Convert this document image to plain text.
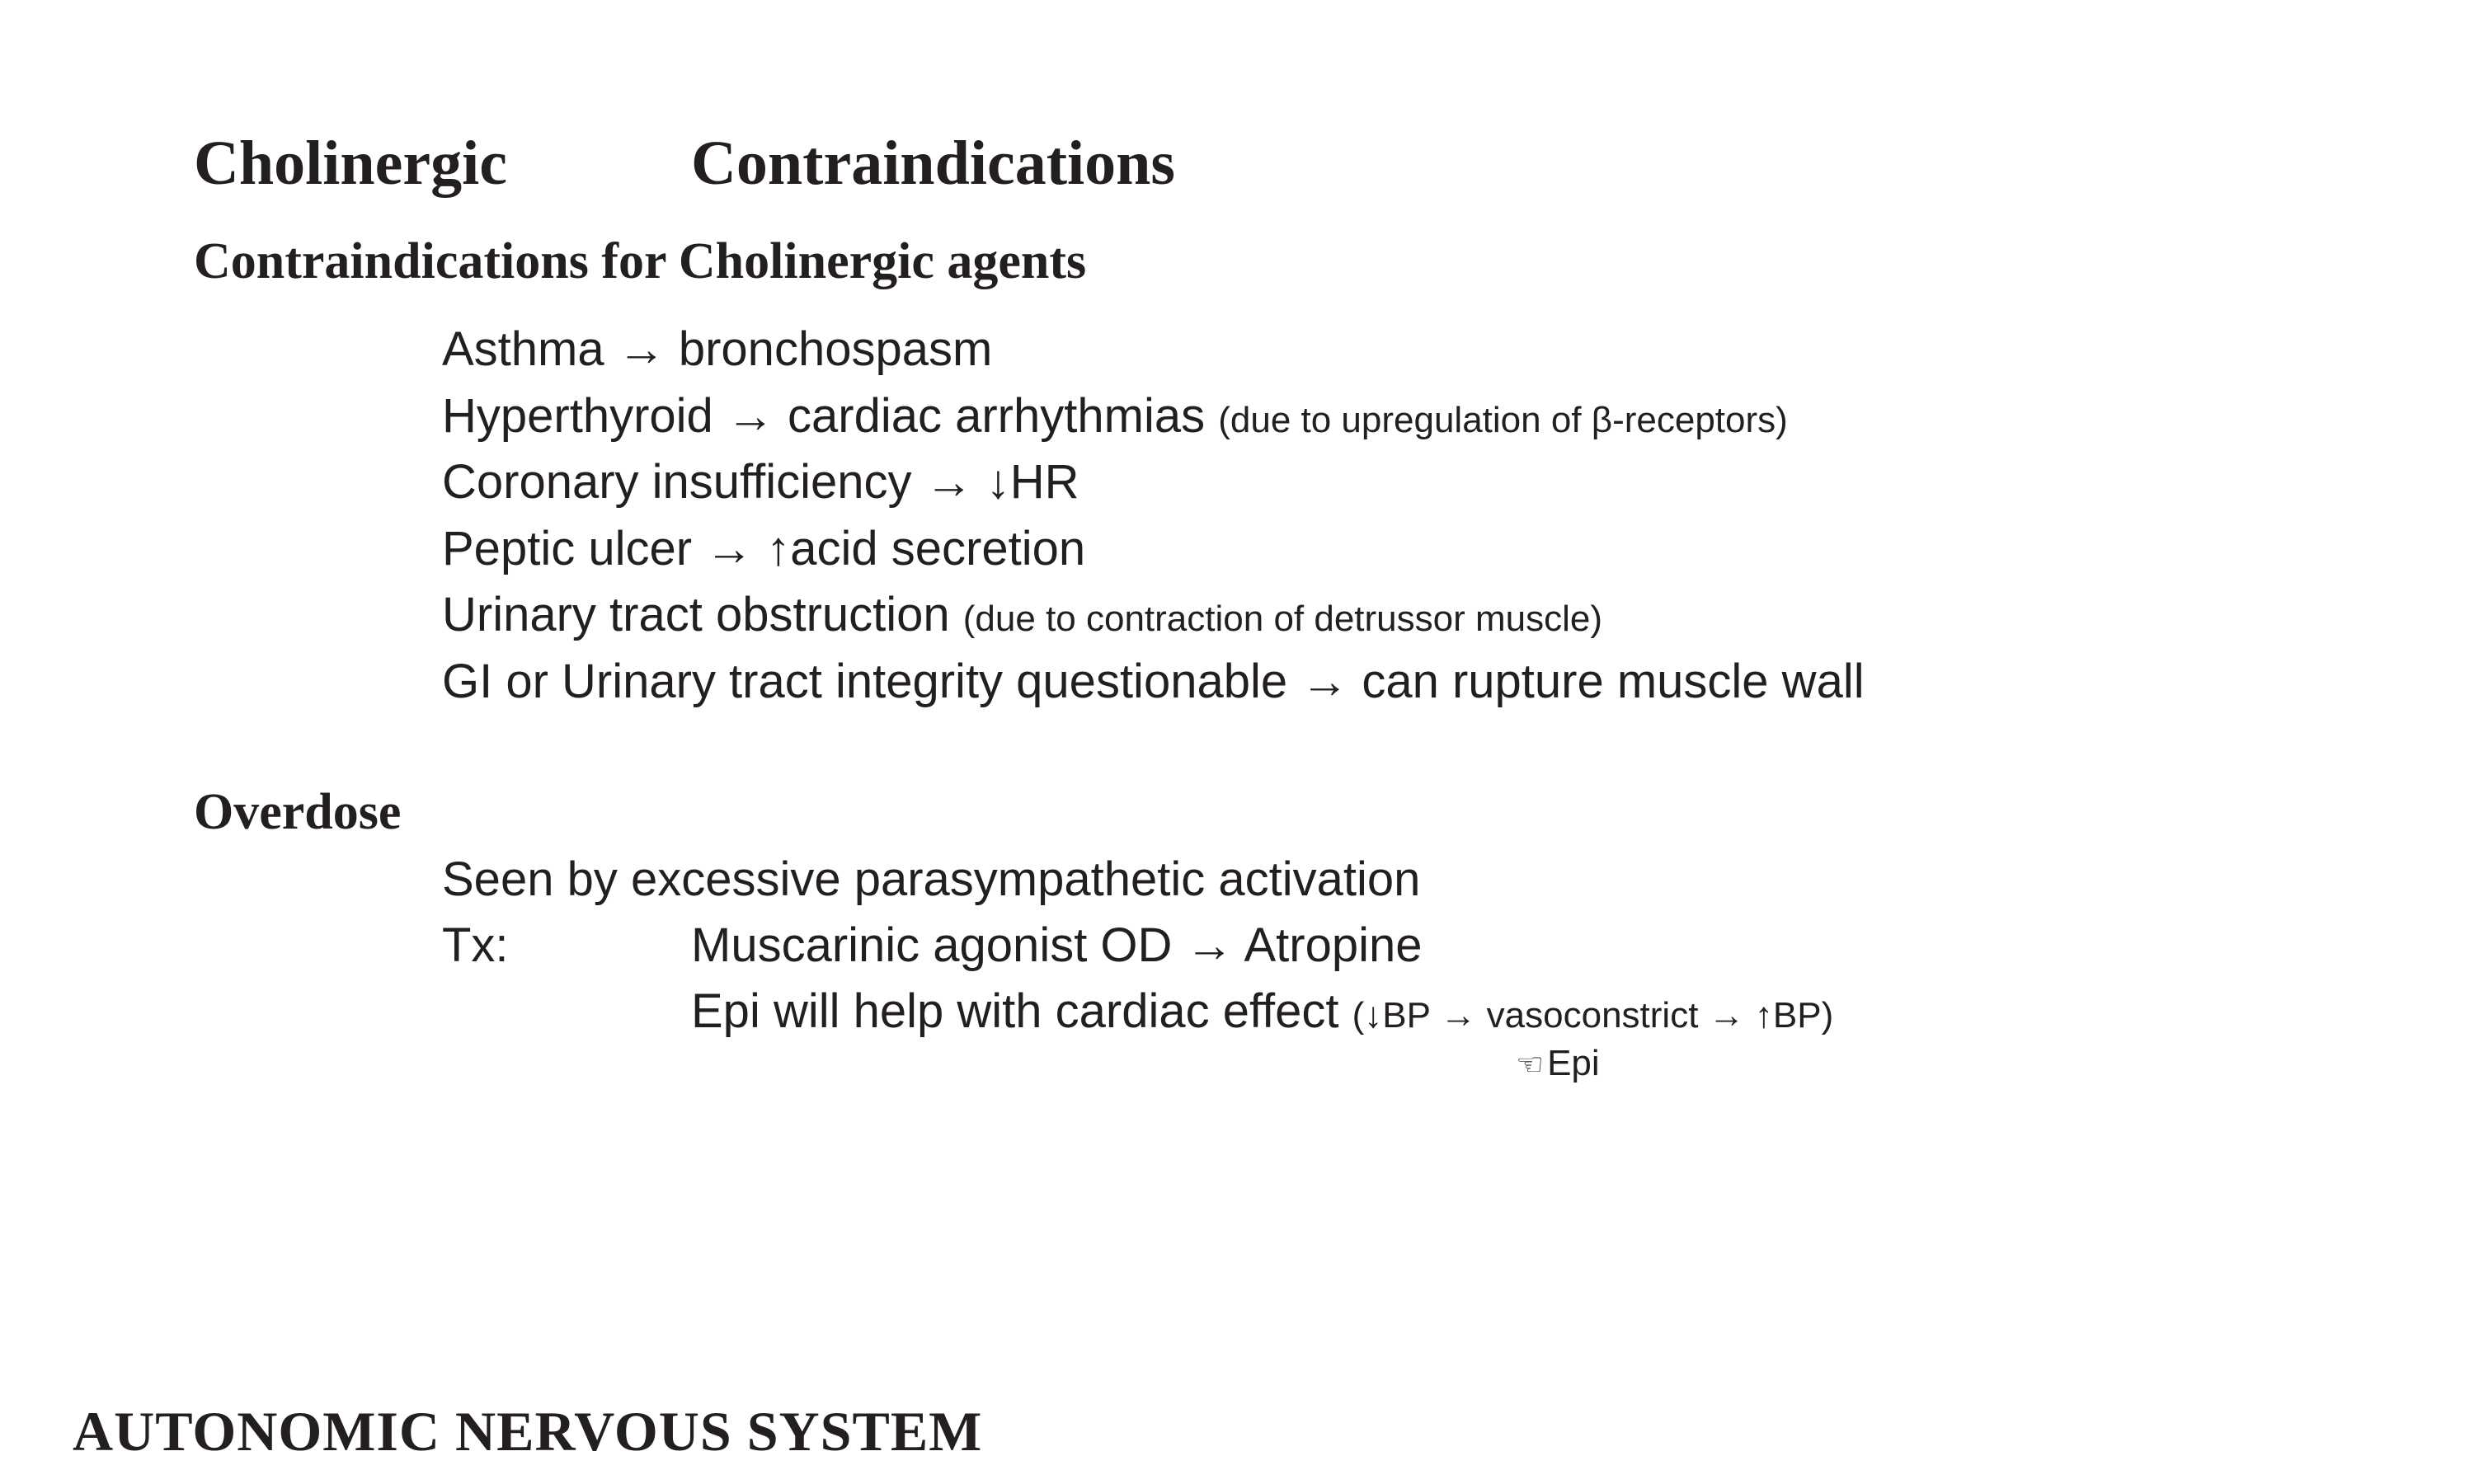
Cholinergic	Contraindications
Contraindications for Cholinergic agents
Asthma → bronchospasm
Hyperthyroid → cardiac arrhythmias (due to upregulation of β-receptors)
Coronary insufficiency → ↓HR
Peptic ulcer → ↑acid secretion
Urinary tract obstruction (due to contraction of detrussor muscle)
GI or Urinary tract integrity questionable → can rupture muscle wall
Overdose
Seen by excessive parasympathetic activation
Tx:	Muscarinic agonist OD → Atropine
Epi will help with cardiac effect (↓BP → vasoconstrict → ↑BP)
☜Epi
AUTONOMIC NERVOUS SYSTEM
